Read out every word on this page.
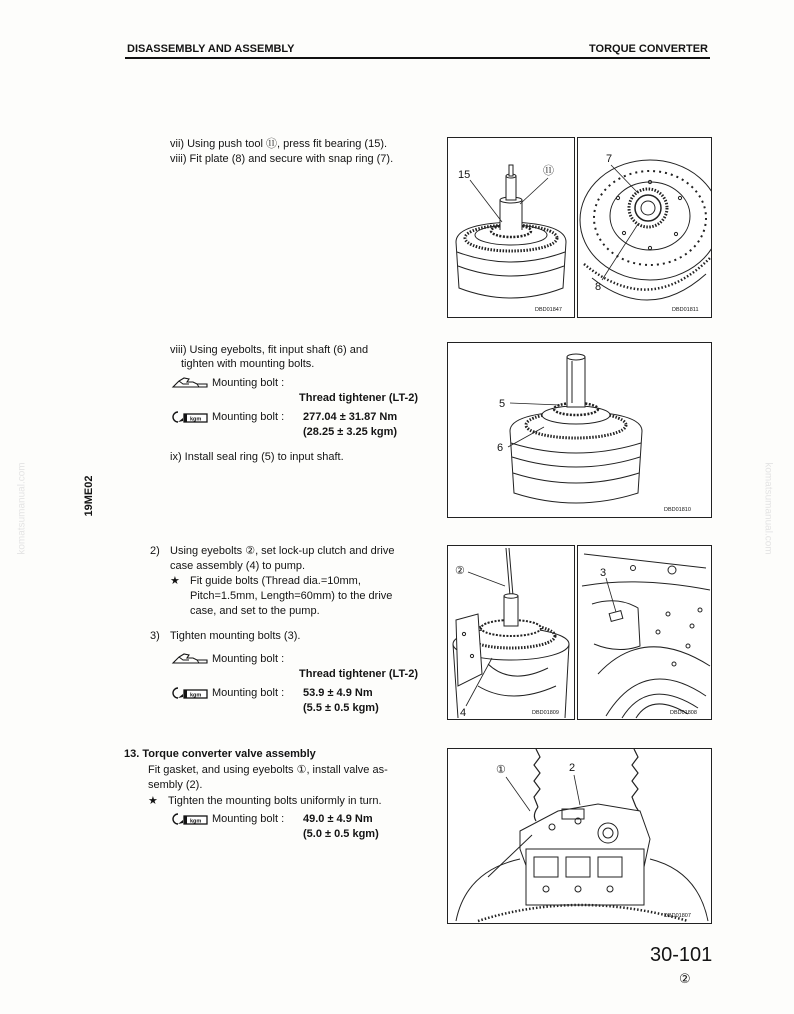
DISASSEMBLY AND ASSEMBLY	TORQUE CONVERTER
19ME02
komatsumanual.com	komatsumanual.com
vii) Using push tool ⑪, press fit bearing (15).
viii) Fit plate (8) and secure with snap ring (7).
viii) Using eyebolts, fit input shaft (6) and
tighten with mounting bolts.
Mounting bolt :
Thread tightener (LT-2)
kgm Mounting bolt : 277.04 ± 31.87 Nm
(28.25 ± 3.25 kgm)
ix) Install seal ring (5) to input shaft.
2) Using eyebolts ②, set lock-up clutch and drive
case assembly (4) to pump.
★ Fit guide bolts (Thread dia.=10mm,
Pitch=1.5mm, Length=60mm) to the drive
case, and set to the pump.
3) Tighten mounting bolts (3).
Mounting bolt :
Thread tightener (LT-2)
kgm Mounting bolt : 53.9 ± 4.9 Nm
(5.5 ± 0.5 kgm)
13. Torque converter valve assembly
Fit gasket, and using eyebolts ①, install valve as-
sembly (2).
★ Tighten the mounting bolts uniformly in turn.
kgm Mounting bolt : 49.0 ± 4.9 Nm
(5.0 ± 0.5 kgm)
15	⑪
DBD01847
7
8
DBD01811
5
6
DBD01810
②
4	DBD01809
3
DBD01808
①	2
DBD01807
30-101
②
